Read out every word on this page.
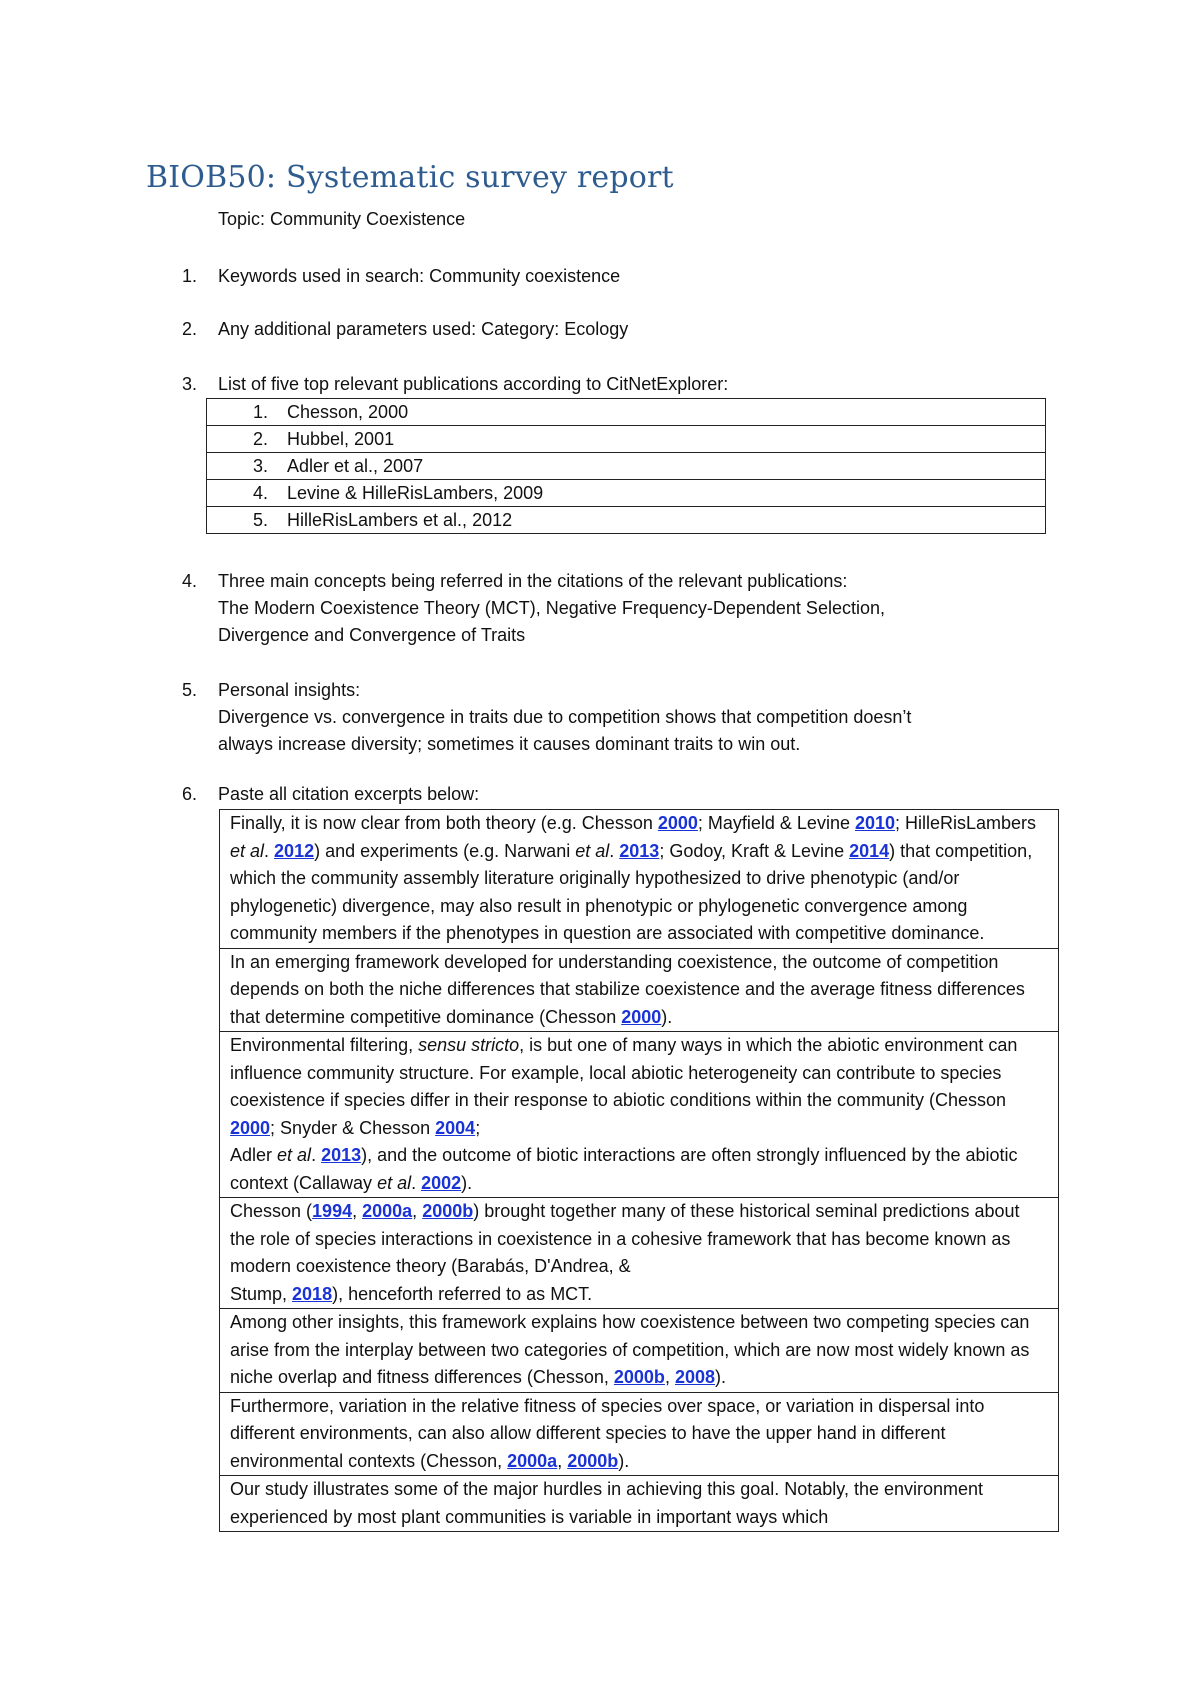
BIOB50: Systematic survey report
Topic: Community Coexistence
1.	Keywords used in search: Community coexistence
2.	Any additional parameters used: Category: Ecology
3.	List of five top relevant publications according to CitNetExplorer:
1. Chesson, 2000
2. Hubbel, 2001
3. Adler et al., 2007
4. Levine & HilleRisLambers, 2009
5. HilleRisLambers et al., 2012
4.	Three main concepts being referred in the citations of the relevant publications:
The Modern Coexistence Theory (MCT), Negative Frequency-Dependent Selection,
Divergence and Convergence of Traits
5.	Personal insights:
Divergence vs. convergence in traits due to competition shows that competition doesn’t
always increase diversity; sometimes it causes dominant traits to win out.
6.	Paste all citation excerpts below:
Finally, it is now clear from both theory (e.g. Chesson 2000; Mayfield & Levine 2010; HilleRisLambers et al. 2012) and experiments (e.g. Narwani et al. 2013; Godoy, Kraft & Levine 2014) that competition, which the community assembly literature originally hypothesized to drive phenotypic (and/or phylogenetic) divergence, may also result in phenotypic or phylogenetic convergence among community members if the phenotypes in question are associated with competitive dominance.
In an emerging framework developed for understanding coexistence, the outcome of competition depends on both the niche differences that stabilize coexistence and the average fitness differences that determine competitive dominance (Chesson 2000).
Environmental filtering, sensu stricto, is but one of many ways in which the abiotic environment can influence community structure. For example, local abiotic heterogeneity can contribute to species coexistence if species differ in their response to abiotic conditions within the community (Chesson 2000; Snyder & Chesson 2004;
Adler et al. 2013), and the outcome of biotic interactions are often strongly influenced by the abiotic context (Callaway et al. 2002).
Chesson (1994, 2000a, 2000b) brought together many of these historical seminal predictions about the role of species interactions in coexistence in a cohesive framework that has become known as modern coexistence theory (Barabás, D'Andrea, &
Stump, 2018), henceforth referred to as MCT.
Among other insights, this framework explains how coexistence between two competing species can arise from the interplay between two categories of competition, which are now most widely known as niche overlap and fitness differences (Chesson, 2000b, 2008).
Furthermore, variation in the relative fitness of species over space, or variation in dispersal into different environments, can also allow different species to have the upper hand in different environmental contexts (Chesson, 2000a, 2000b).
Our study illustrates some of the major hurdles in achieving this goal. Notably, the environment experienced by most plant communities is variable in important ways which
